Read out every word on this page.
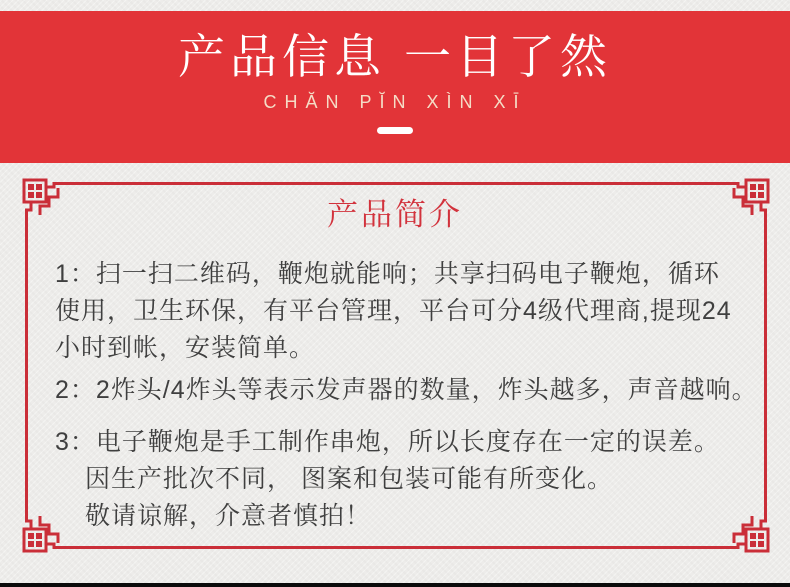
产品信息 一目了然
CHĂN PĬN XÌN XĪ
产品简介
1：扫一扫二维码，鞭炮就能响；共享扫码电子鞭炮，循环
使用，卫生环保，有平台管理，平台可分4级代理商,提现24
小时到帐，安装简单。
2：2炸头/4炸头等表示发声器的数量，炸头越多，声音越响。
3：电子鞭炮是手工制作串炮，所以长度存在一定的误差。
因生产批次不同， 图案和包装可能有所变化。
敬请谅解，介意者慎拍！
